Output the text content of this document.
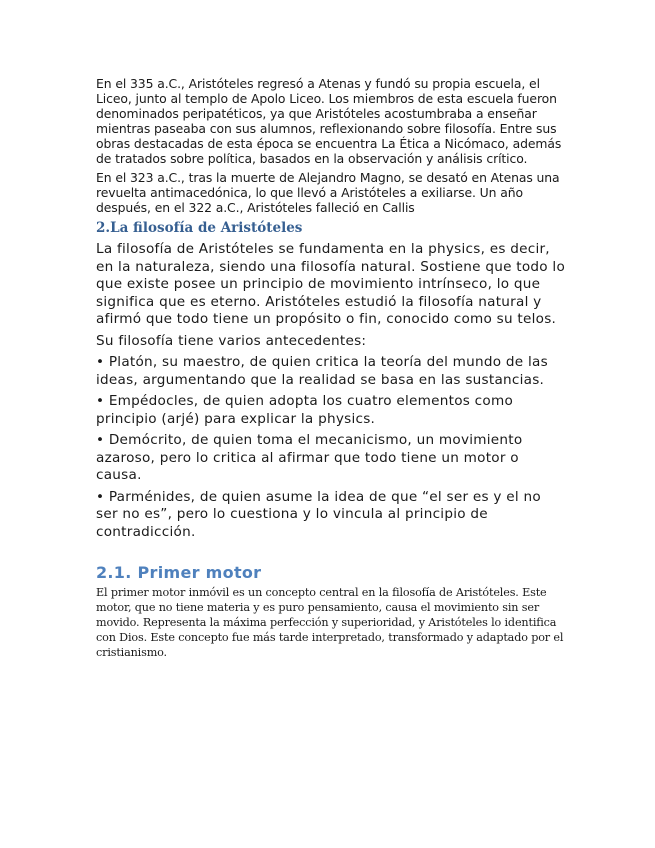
En el 335 a.C., Aristóteles regresó a Atenas y fundó su propia escuela, el Liceo, junto al templo de Apolo Liceo. Los miembros de esta escuela fueron denominados peripatéticos, ya que Aristóteles acostumbraba a enseñar mientras paseaba con sus alumnos, reflexionando sobre filosofía. Entre sus obras destacadas de esta época se encuentra La Ética a Nicómaco, además de tratados sobre política, basados en la observación y análisis crítico.

En el 323 a.C., tras la muerte de Alejandro Magno, se desató en Atenas una revuelta antimacedónica, lo que llevó a Aristóteles a exiliarse. Un año después, en el 322 a.C., Aristóteles falleció en Callis

2.La filosofía de Aristóteles

La filosofía de Aristóteles se fundamenta en la physics, es decir, en la naturaleza, siendo una filosofía natural. Sostiene que todo lo que existe posee un principio de movimiento intrínseco, lo que significa que es eterno. Aristóteles estudió la filosofía natural y afirmó que todo tiene un propósito o fin, conocido como su telos.

Su filosofía tiene varios antecedentes:

• Platón, su maestro, de quien critica la teoría del mundo de las ideas, argumentando que la realidad se basa en las sustancias.
• Empédocles, de quien adopta los cuatro elementos como principio (arjé) para explicar la physics.
• Demócrito, de quien toma el mecanicismo, un movimiento azaroso, pero lo critica al afirmar que todo tiene un motor o causa.
• Parménides, de quien asume la idea de que “el ser es y el no ser no es”, pero lo cuestiona y lo vincula al principio de contradicción.
2.1. Primer motor

El primer motor inmóvil es un concepto central en la filosofía de Aristóteles. Este motor, que no tiene materia y es puro pensamiento, causa el movimiento sin ser movido. Representa la máxima perfección y superioridad, y Aristóteles lo identifica con Dios. Este concepto fue más tarde interpretado, transformado y adaptado por el cristianismo.
